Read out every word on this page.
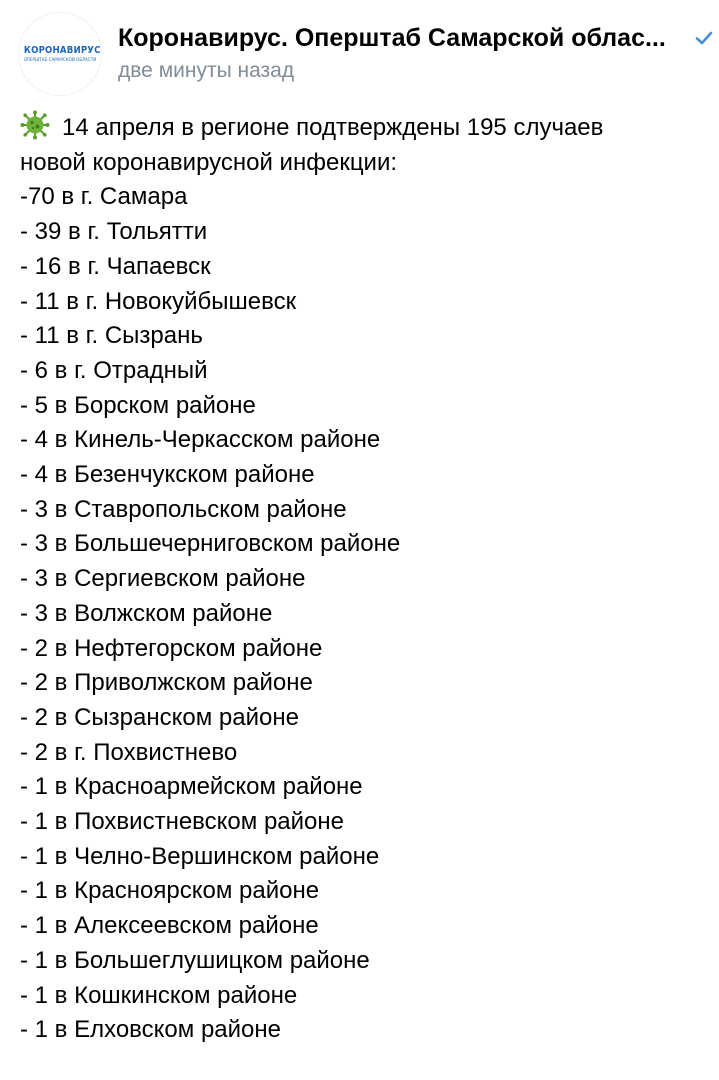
КОРОНАВИРУС
ОПЕРШТАБ САМАРСКОЙ ОБЛАСТИ
Коронавирус. Оперштаб Самарской облас...
две минуты назад
14 апреля в регионе подтверждены 195 случаев
новой коронавирусной инфекции:
-70 в г. Самара
- 39 в г. Тольятти
- 16 в г. Чапаевск
- 11 в г. Новокуйбышевск
- 11 в г. Сызрань
- 6 в г. Отрадный
- 5 в Борском районе
- 4 в Кинель-Черкасском районе
- 4 в Безенчукском районе
- 3 в Ставропольском районе
- 3 в Большечерниговском районе
- 3 в Сергиевском районе
- 3 в Волжском районе
- 2 в Нефтегорском районе
- 2 в Приволжском районе
- 2 в Сызранском районе
- 2 в г. Похвистнево
- 1 в Красноармейском районе
- 1 в Похвистневском районе
- 1 в Челно-Вершинском районе
- 1 в Красноярском районе
- 1 в Алексеевском районе
- 1 в Большеглушицком районе
- 1 в Кошкинском районе
- 1 в Елховском районе
